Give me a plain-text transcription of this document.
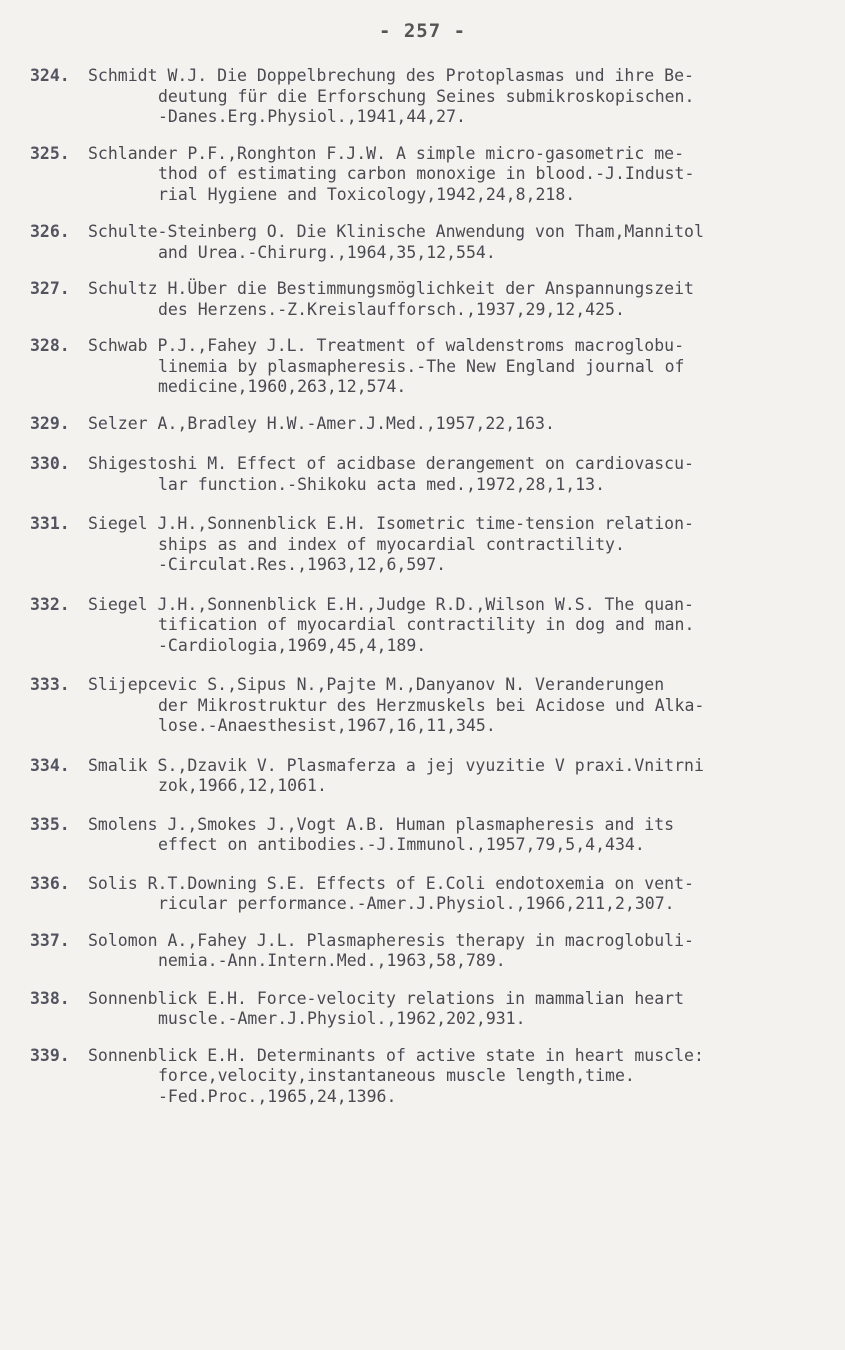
- 257 -
324.	Schmidt W.J. Die Doppelbrechung des Protoplasmas und ihre Be-
deutung für die Erforschung Seines submikroskopischen.
-Danes.Erg.Physiol.,1941,44,27.
325.	Schlander P.F.,Ronghton F.J.W. A simple micro-gasometric me-
thod of estimating carbon monoxige in blood.-J.Indust-
rial Hygiene and Toxicology,1942,24,8,218.
326.	Schulte-Steinberg O. Die Klinische Anwendung von Tham,Mannitol
and Urea.-Chirurg.,1964,35,12,554.
327.	Schultz H.Über die Bestimmungsmöglichkeit der Anspannungszeit
des Herzens.-Z.Kreislaufforsch.,1937,29,12,425.
328.	Schwab P.J.,Fahey J.L. Treatment of waldenstroms macroglobu-
linemia by plasmapheresis.-The New England journal of
medicine,1960,263,12,574.
329.	Selzer A.,Bradley H.W.-Amer.J.Med.,1957,22,163.
330.	Shigestoshi M. Effect of acidbase derangement on cardiovascu-
lar function.-Shikoku acta med.,1972,28,1,13.
331.	Siegel J.H.,Sonnenblick E.H. Isometric time-tension relation-
ships as and index of myocardial contractility.
-Circulat.Res.,1963,12,6,597.
332.	Siegel J.H.,Sonnenblick E.H.,Judge R.D.,Wilson W.S. The quan-
tification of myocardial contractility in dog and man.
-Cardiologia,1969,45,4,189.
333.	Slijepcevic S.,Sipus N.,Pajte M.,Danyanov N. Veranderungen
der Mikrostruktur des Herzmuskels bei Acidose und Alka-
lose.-Anaesthesist,1967,16,11,345.
334.	Smalik S.,Dzavik V. Plasmaferza a jej vyuzitie V praxi.Vnitrni
zok,1966,12,1061.
335.	Smolens J.,Smokes J.,Vogt A.B. Human plasmapheresis and its
effect on antibodies.-J.Immunol.,1957,79,5,4,434.
336.	Solis R.T.Downing S.E. Effects of E.Coli endotoxemia on vent-
ricular performance.-Amer.J.Physiol.,1966,211,2,307.
337.	Solomon A.,Fahey J.L. Plasmapheresis therapy in macroglobuli-
nemia.-Ann.Intern.Med.,1963,58,789.
338.	Sonnenblick E.H. Force-velocity relations in mammalian heart
muscle.-Amer.J.Physiol.,1962,202,931.
339.	Sonnenblick E.H. Determinants of active state in heart muscle:
force,velocity,instantaneous muscle length,time.
-Fed.Proc.,1965,24,1396.
